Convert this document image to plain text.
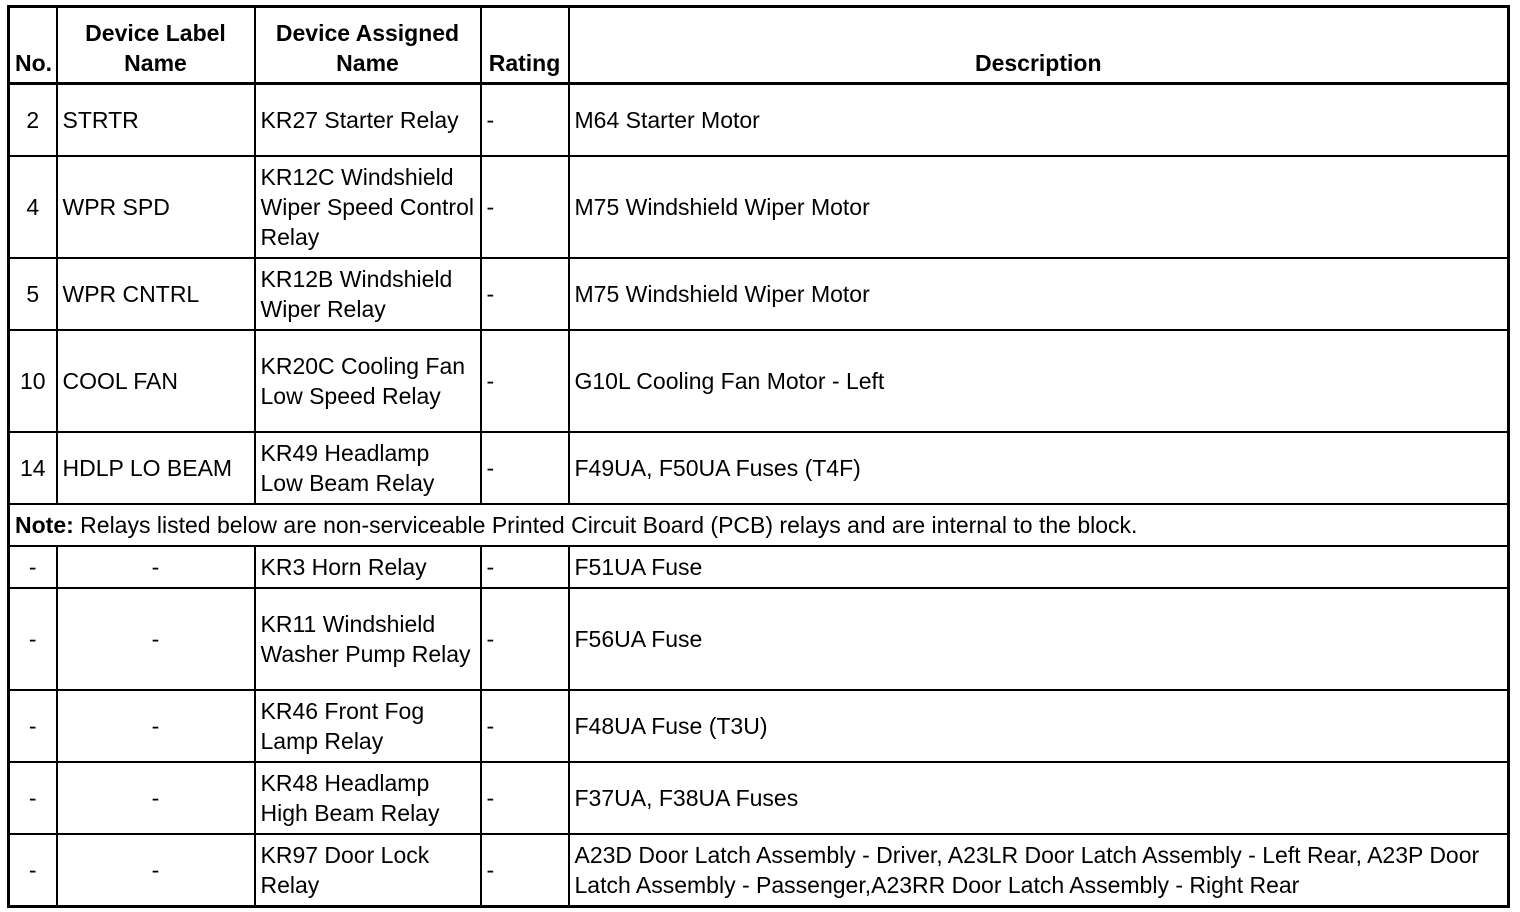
No.	Device Label Name	Device Assigned Name	Rating	Description
2	STRTR	KR27 Starter Relay	-	M64 Starter Motor
4	WPR SPD	KR12C Windshield Wiper Speed Control Relay	-	M75 Windshield Wiper Motor
5	WPR CNTRL	KR12B Windshield Wiper Relay	-	M75 Windshield Wiper Motor
10	COOL FAN	KR20C Cooling Fan Low Speed Relay	-	G10L Cooling Fan Motor - Left
14	HDLP LO BEAM	KR49 Headlamp Low Beam Relay	-	F49UA, F50UA Fuses (T4F)
Note: Relays listed below are non-serviceable Printed Circuit Board (PCB) relays and are internal to the block.				
-	-	KR3 Horn Relay	-	F51UA Fuse
-	-	KR11 Windshield Washer Pump Relay	-	F56UA Fuse
-	-	KR46 Front Fog Lamp Relay	-	F48UA Fuse (T3U)
-	-	KR48 Headlamp High Beam Relay	-	F37UA, F38UA Fuses
-	-	KR97 Door Lock Relay	-	A23D Door Latch Assembly - Driver, A23LR Door Latch Assembly - Left Rear, A23P Door Latch Assembly - Passenger,A23RR Door Latch Assembly - Right Rear
